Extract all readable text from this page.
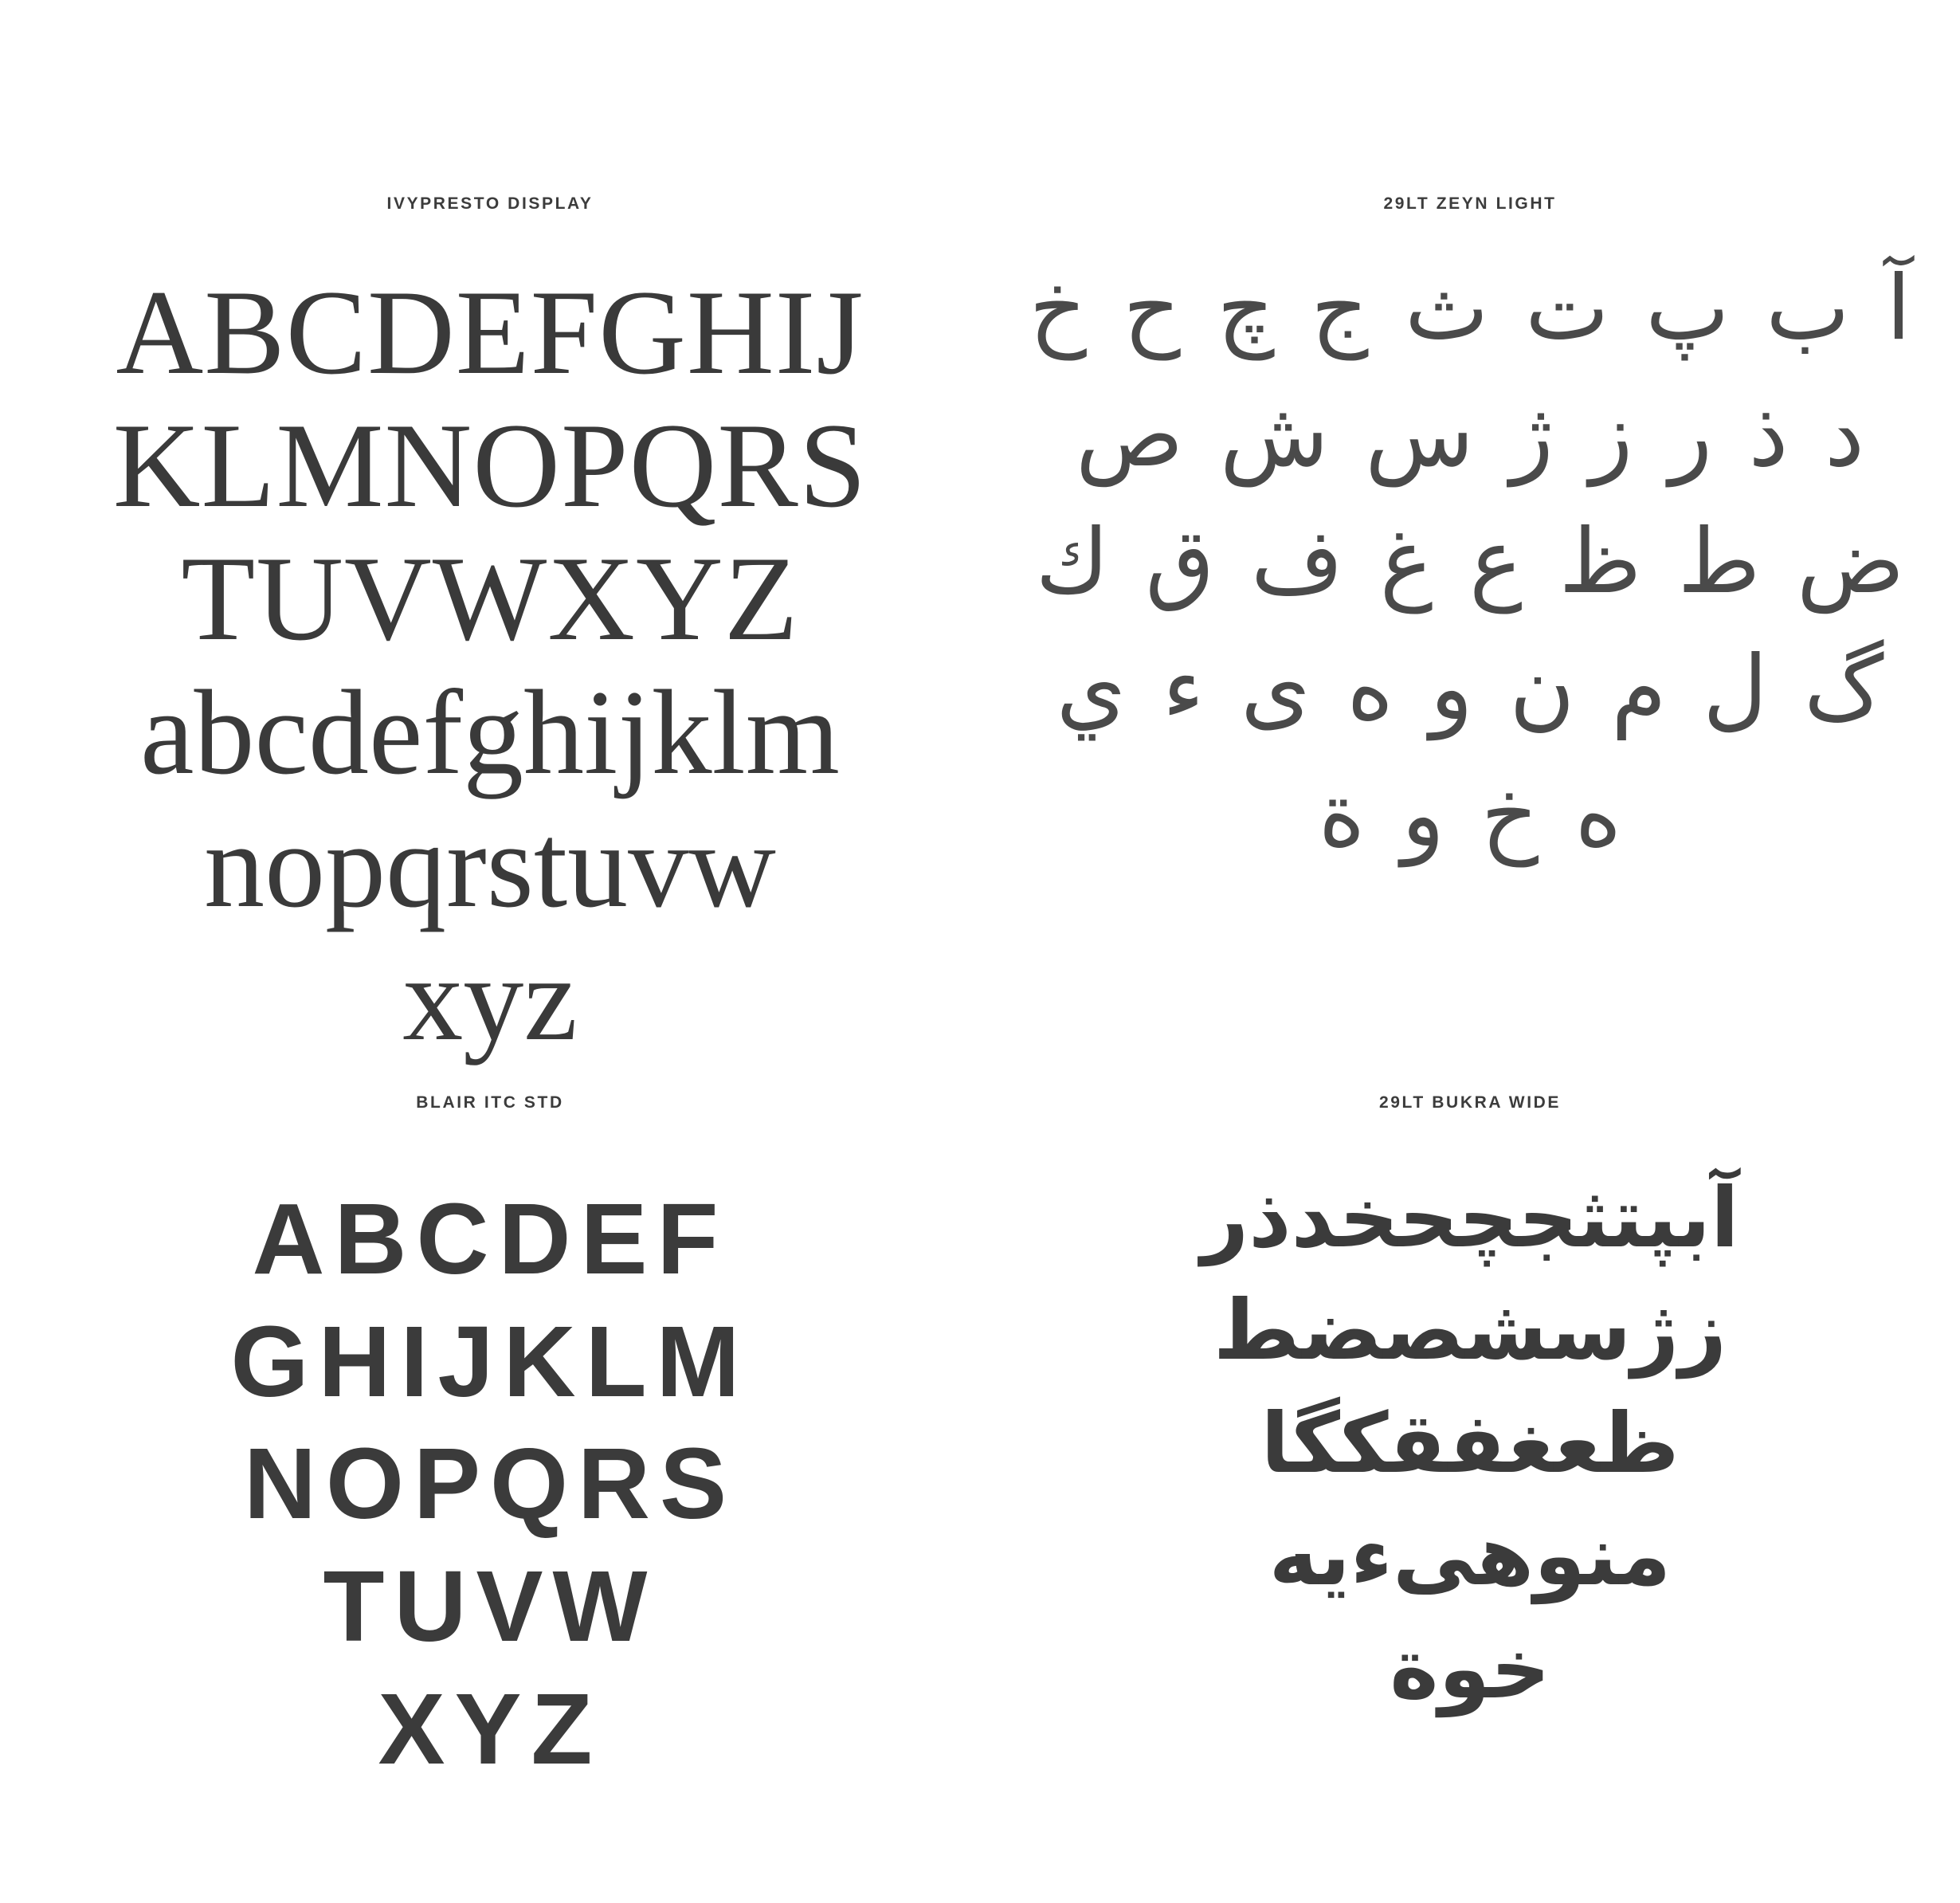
IVYPRESTO DISPLAY
ABCDEFGHIJ
KLMNOPQRS
TUVWXYZ
abcdefghijklm
nopqrstuvw
xyz
29LT ZEYN LIGHT
آ ب پ ت ث ج چ ح خ
د ذ ر ز ژ س ش ص
ض ط ظ ع غ ف ق ك
گ ل م ن و ه ى ء ي
ه خ و ة
BLAIR ITC STD
ABCDEF
GHIJKLM
NOPQRS
TUVW
XYZ
29LT BUKRA WIDE
آبپتثجچحخدذر
زژسشصضط
ظعغفقكگا
منوهىءيه
خوة
